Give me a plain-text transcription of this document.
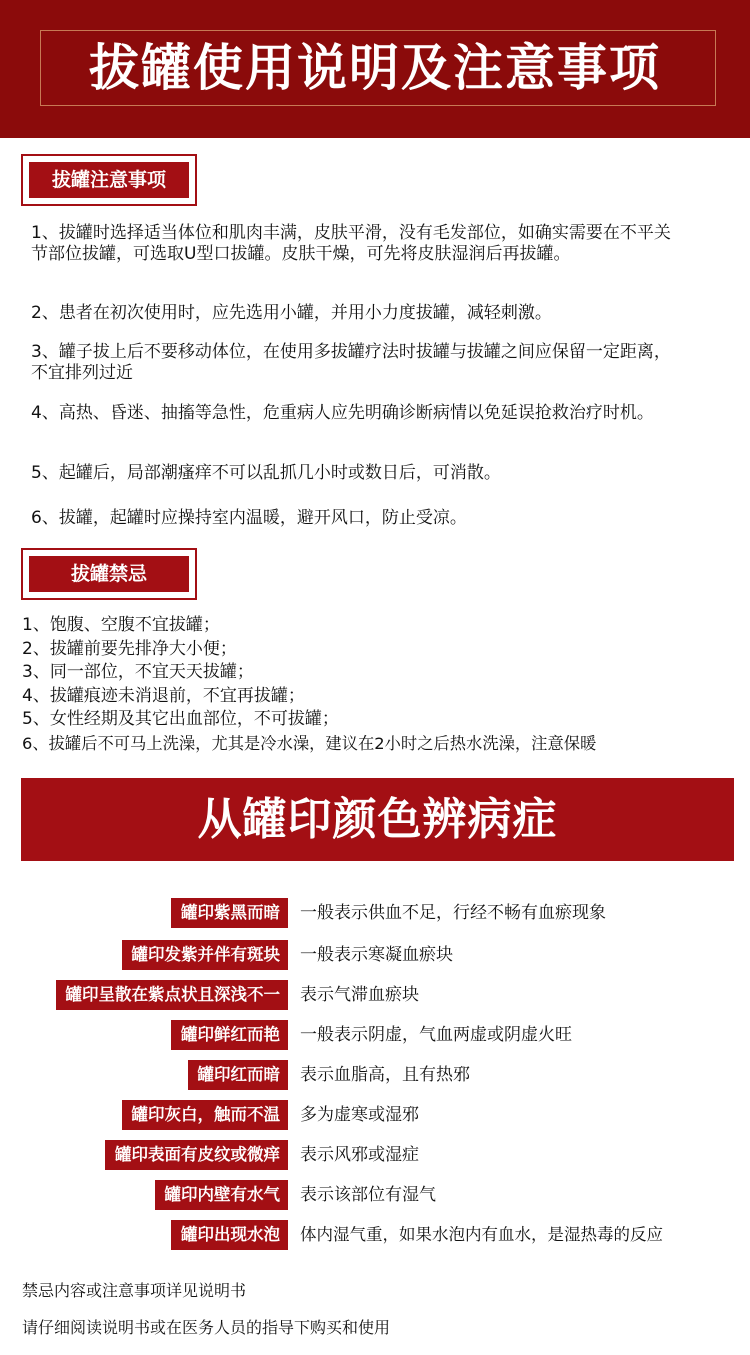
拔罐使用说明及注意事项
拔罐注意事项
1、拔罐时选择适当体位和肌肉丰满，皮肤平滑，没有毛发部位，如确实需要在不平关节部位拔罐，可选取U型口拔罐。皮肤干燥，可先将皮肤湿润后再拔罐。
2、患者在初次使用时，应先选用小罐，并用小力度拔罐，减轻刺激。
3、罐子拔上后不要移动体位，在使用多拔罐疗法时拔罐与拔罐之间应保留一定距离，不宜排列过近
4、高热、昏迷、抽搐等急性，危重病人应先明确诊断病情以免延误抢救治疗时机。
5、起罐后，局部潮瘙痒不可以乱抓几小时或数日后，可消散。
6、拔罐，起罐时应操持室内温暖，避开风口，防止受凉。
拔罐禁忌
1、饱腹、空腹不宜拔罐；
2、拔罐前要先排净大小便；
3、同一部位，不宜天天拔罐；
4、拔罐痕迹未消退前，不宜再拔罐；
5、女性经期及其它出血部位，不可拔罐；
6、拔罐后不可马上洗澡，尤其是冷水澡，建议在2小时之后热水洗澡，注意保暖
从罐印颜色辨病症
罐印紫黑而暗	一般表示供血不足，行经不畅有血瘀现象
罐印发紫并伴有斑块	一般表示寒凝血瘀块
罐印呈散在紫点状且深浅不一	表示气滞血瘀块
罐印鲜红而艳	一般表示阴虚，气血两虚或阴虚火旺
罐印红而暗	表示血脂高，且有热邪
罐印灰白，触而不温	多为虚寒或湿邪
罐印表面有皮纹或微痒	表示风邪或湿症
罐印内壁有水气	表示该部位有湿气
罐印出现水泡	体内湿气重，如果水泡内有血水，是湿热毒的反应
禁忌内容或注意事项详见说明书
请仔细阅读说明书或在医务人员的指导下购买和使用
